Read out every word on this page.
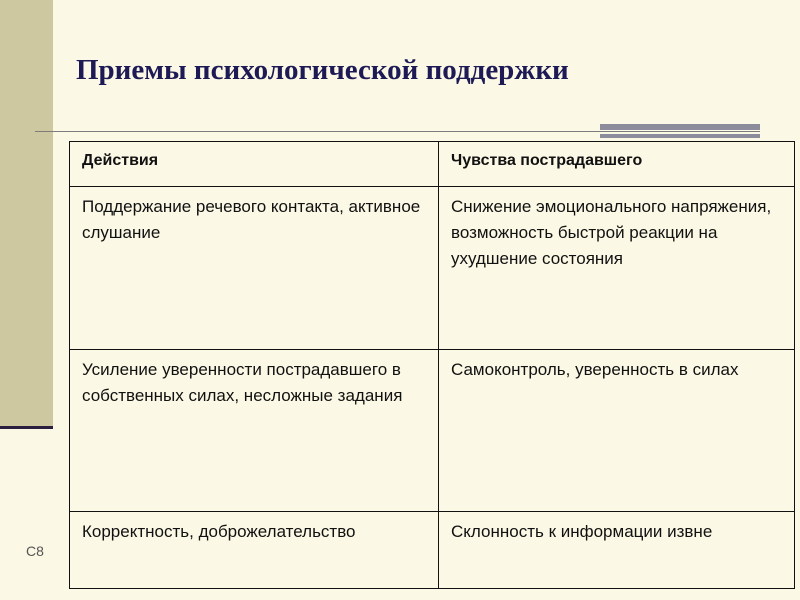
Приемы психологической поддержки
Действия	Чувства пострадавшего
Поддержание речевого контакта, активное слушание	Снижение эмоционального напряжения, возможность быстрой реакции на ухудшение состояния
Усиление уверенности пострадавшего в собственных силах, несложные задания	Самоконтроль, уверенность в силах
Корректность, доброжелательство	Склонность к информации извне

С8
